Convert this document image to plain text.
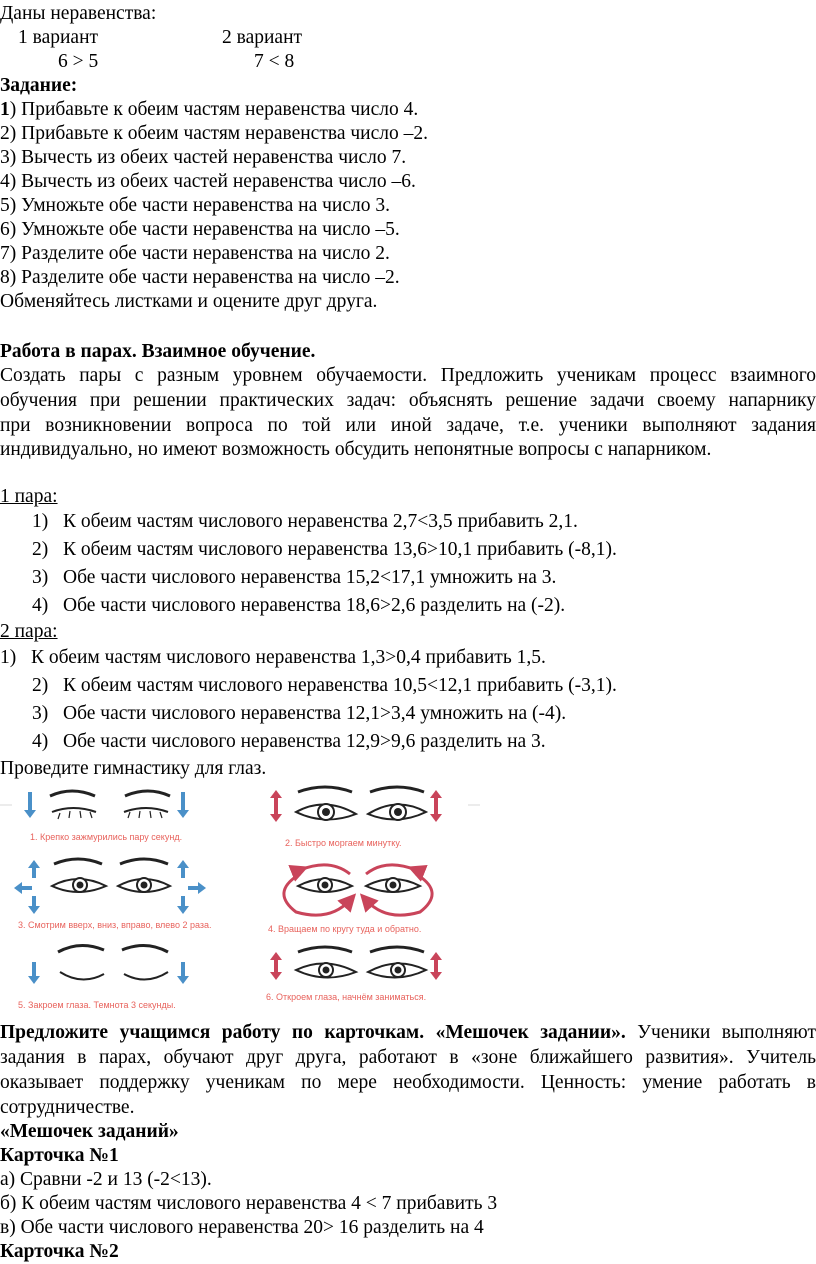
Даны неравенства:
1 вариант	2 вариант
6 > 5	7 < 8
Задание:
1) Прибавьте к обеим частям неравенства число 4.
2) Прибавьте к обеим частям неравенства число –2.
3) Вычесть из обеих частей неравенства число 7.
4) Вычесть из обеих частей неравенства число –6.
5) Умножьте обе части неравенства на число 3.
6) Умножьте обе части неравенства на число –5.
7) Разделите обе части неравенства на число 2.
8) Разделите обе части неравенства на число –2.
Обменяйтесь листками и оцените друг друга.
Работа в парах. Взаимное обучение.
Создать пары с разным уровнем обучаемости. Предложить ученикам процесс взаимного
обучения при решении практических задач: объяснять решение задачи своему напарнику
при возникновении вопроса по той или иной задаче, т.е. ученики выполняют задания
индивидуально, но имеют возможность обсудить непонятные вопросы с напарником.
1 пара:
1) К обеим частям числового неравенства 2,7<3,5 прибавить 2,1.
2) К обеим частям числового неравенства 13,6>10,1 прибавить (-8,1).
3) Обе части числового неравенства 15,2<17,1 умножить на 3.
4) Обе части числового неравенства 18,6>2,6 разделить на (-2).
2 пара:
1) К обеим частям числового неравенства 1,3>0,4 прибавить 1,5.
2) К обеим частям числового неравенства 10,5<12,1 прибавить (-3,1).
3) Обе части числового неравенства 12,1>3,4 умножить на (-4).
4) Обе части числового неравенства 12,9>9,6 разделить на 3.
Проведите гимнастику для глаз.
1. Крепко зажмурились пару секунд.
2. Быстро моргаем минутку.
3. Смотрим вверх, вниз, вправо, влево 2 раза.	4. Вращаем по кругу туда и обратно.
5. Закроем глаза. Темнота 3 секунды.
6. Откроем глаза, начнём заниматься.
Предложите учащимся работу по карточкам. «Мешочек задании». Ученики выполняют
задания в парах, обучают друг друга, работают в «зоне ближайшего развития». Учитель
оказывает поддержку ученикам по мере необходимости. Ценность: умение работать в
сотрудничестве.
«Мешочек заданий»
Карточка №1
а) Сравни -2 и 13 (-2<13).
б) К обеим частям числового неравенства 4 < 7 прибавить 3
в) Обе части числового неравенства 20> 16 разделить на 4
Карточка №2
